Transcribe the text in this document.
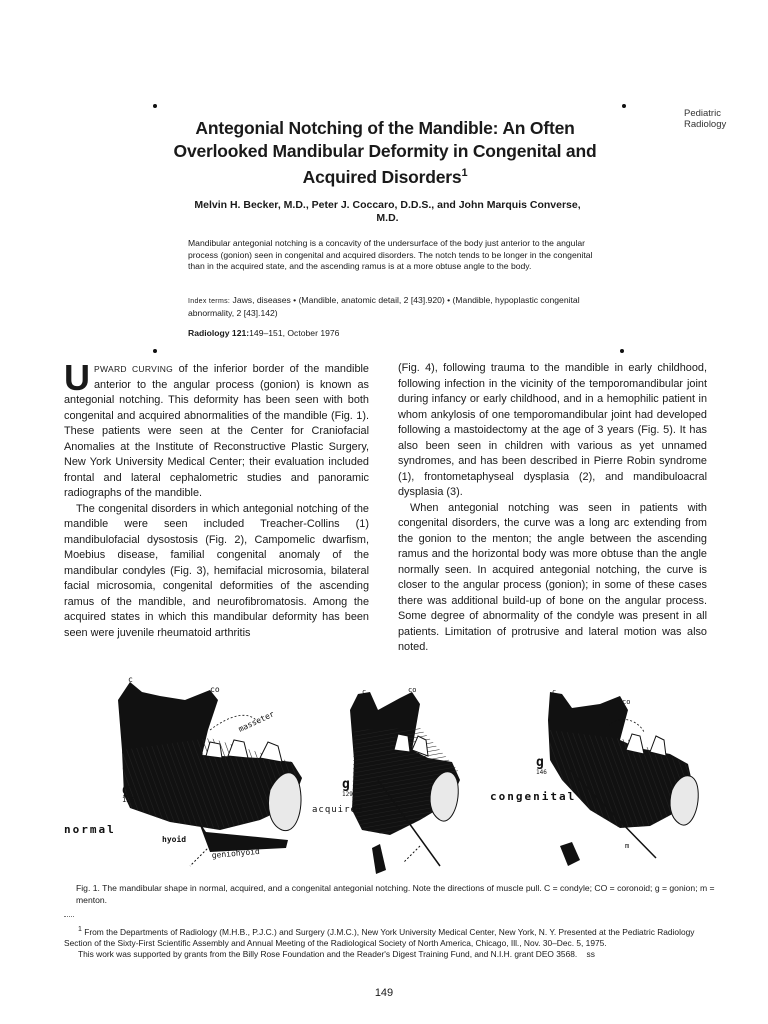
Pediatric
Radiology
Antegonial Notching of the Mandible: An Often Overlooked Mandibular Deformity in Congenital and Acquired Disorders$^1$
Melvin H. Becker, M.D., Peter J. Coccaro, D.D.S., and John Marquis Converse, M.D.
Mandibular antegonial notching is a concavity of the undersurface of the body just anterior to the angular process (gonion) seen in congenital and acquired disorders. The notch tends to be longer in the congenital than in the acquired state, and the ascending ramus is at a more obtuse angle to the body.
Index terms: Jaws, diseases • (Mandible, anatomic detail, 2 [43].920) • (Mandible, hypoplastic congenital abnormality, 2 [43].142)
Radiology 121:149–151, October 1976

UPWARD CURVING of the inferior border of the mandible anterior to the angular process (gonion) is known as antegonial notching. This deformity has been seen with both congenital and acquired abnormalities of the mandible (Fig. 1). These patients were seen at the Center for Craniofacial Anomalies at the Institute of Reconstructive Plastic Surgery, New York University Medical Center; their evaluation included frontal and lateral cephalometric studies and panoramic radiographs of the mandible.

The congenital disorders in which antegonial notching of the mandible were seen included Treacher-Collins (1) mandibulofacial dysostosis (Fig. 2), Campomelic dwarfism, Moebius disease, familial congenital anomaly of the mandibular condyles (Fig. 3), hemifacial microsomia, bilateral facial microsomia, congenital deformities of the ascending ramus of the mandible, and neurofibromatosis. Among the acquired states in which this mandibular deformity has been seen were juvenile rheumatoid arthritis

(Fig. 4), following trauma to the mandible in early childhood, following infection in the vicinity of the temporomandibular joint during infancy or early childhood, and in a hemophilic patient in whom ankylosis of one temporomandibular joint had developed following a mastoidectomy at the age of 3 years (Fig. 5). It has also been seen in children with various as yet unnamed syndromes, and has been described in Pierre Robin syndrome (1), frontometaphyseal dysplasia (2), and mandibuloacral dysplasia (3).

When antegonial notching was seen in patients with congenital disorders, the curve was a long arc extending from the gonion to the menton; the angle between the ascending ramus and the horizontal body was more obtuse than the angle normally seen. In acquired antegonial notching, the curve is closer to the angular process (gonion); in some of these cases there was additional build-up of bone on the angular process. Some degree of abnormality of the condyle was present in all patients. Limitation of protrusive and lateral motion was also noted.

c
co
masseter
g
125
hyoid
geniohyoid
m
normal
c	co
g
129
acquired
c
co
g
146
m
congenital
Fig. 1. The mandibular shape in normal, acquired, and a congenital antegonial notching. Note the directions of muscle pull. C = condyle; CO = coronoid; g = gonion; m = menton.

$^1$ From the Departments of Radiology (M.H.B., P.J.C.) and Surgery (J.M.C.), New York University Medical Center, New York, N. Y. Presented at the Pediatric Radiology Section of the Sixty-First Scientific Assembly and Annual Meeting of the Radiological Society of North America, Chicago, Ill., Nov. 30–Dec. 5, 1975.

This work was supported by grants from the Billy Rose Foundation and the Reader's Digest Training Fund, and N.I.H. grant DEO 3568. ss

149
